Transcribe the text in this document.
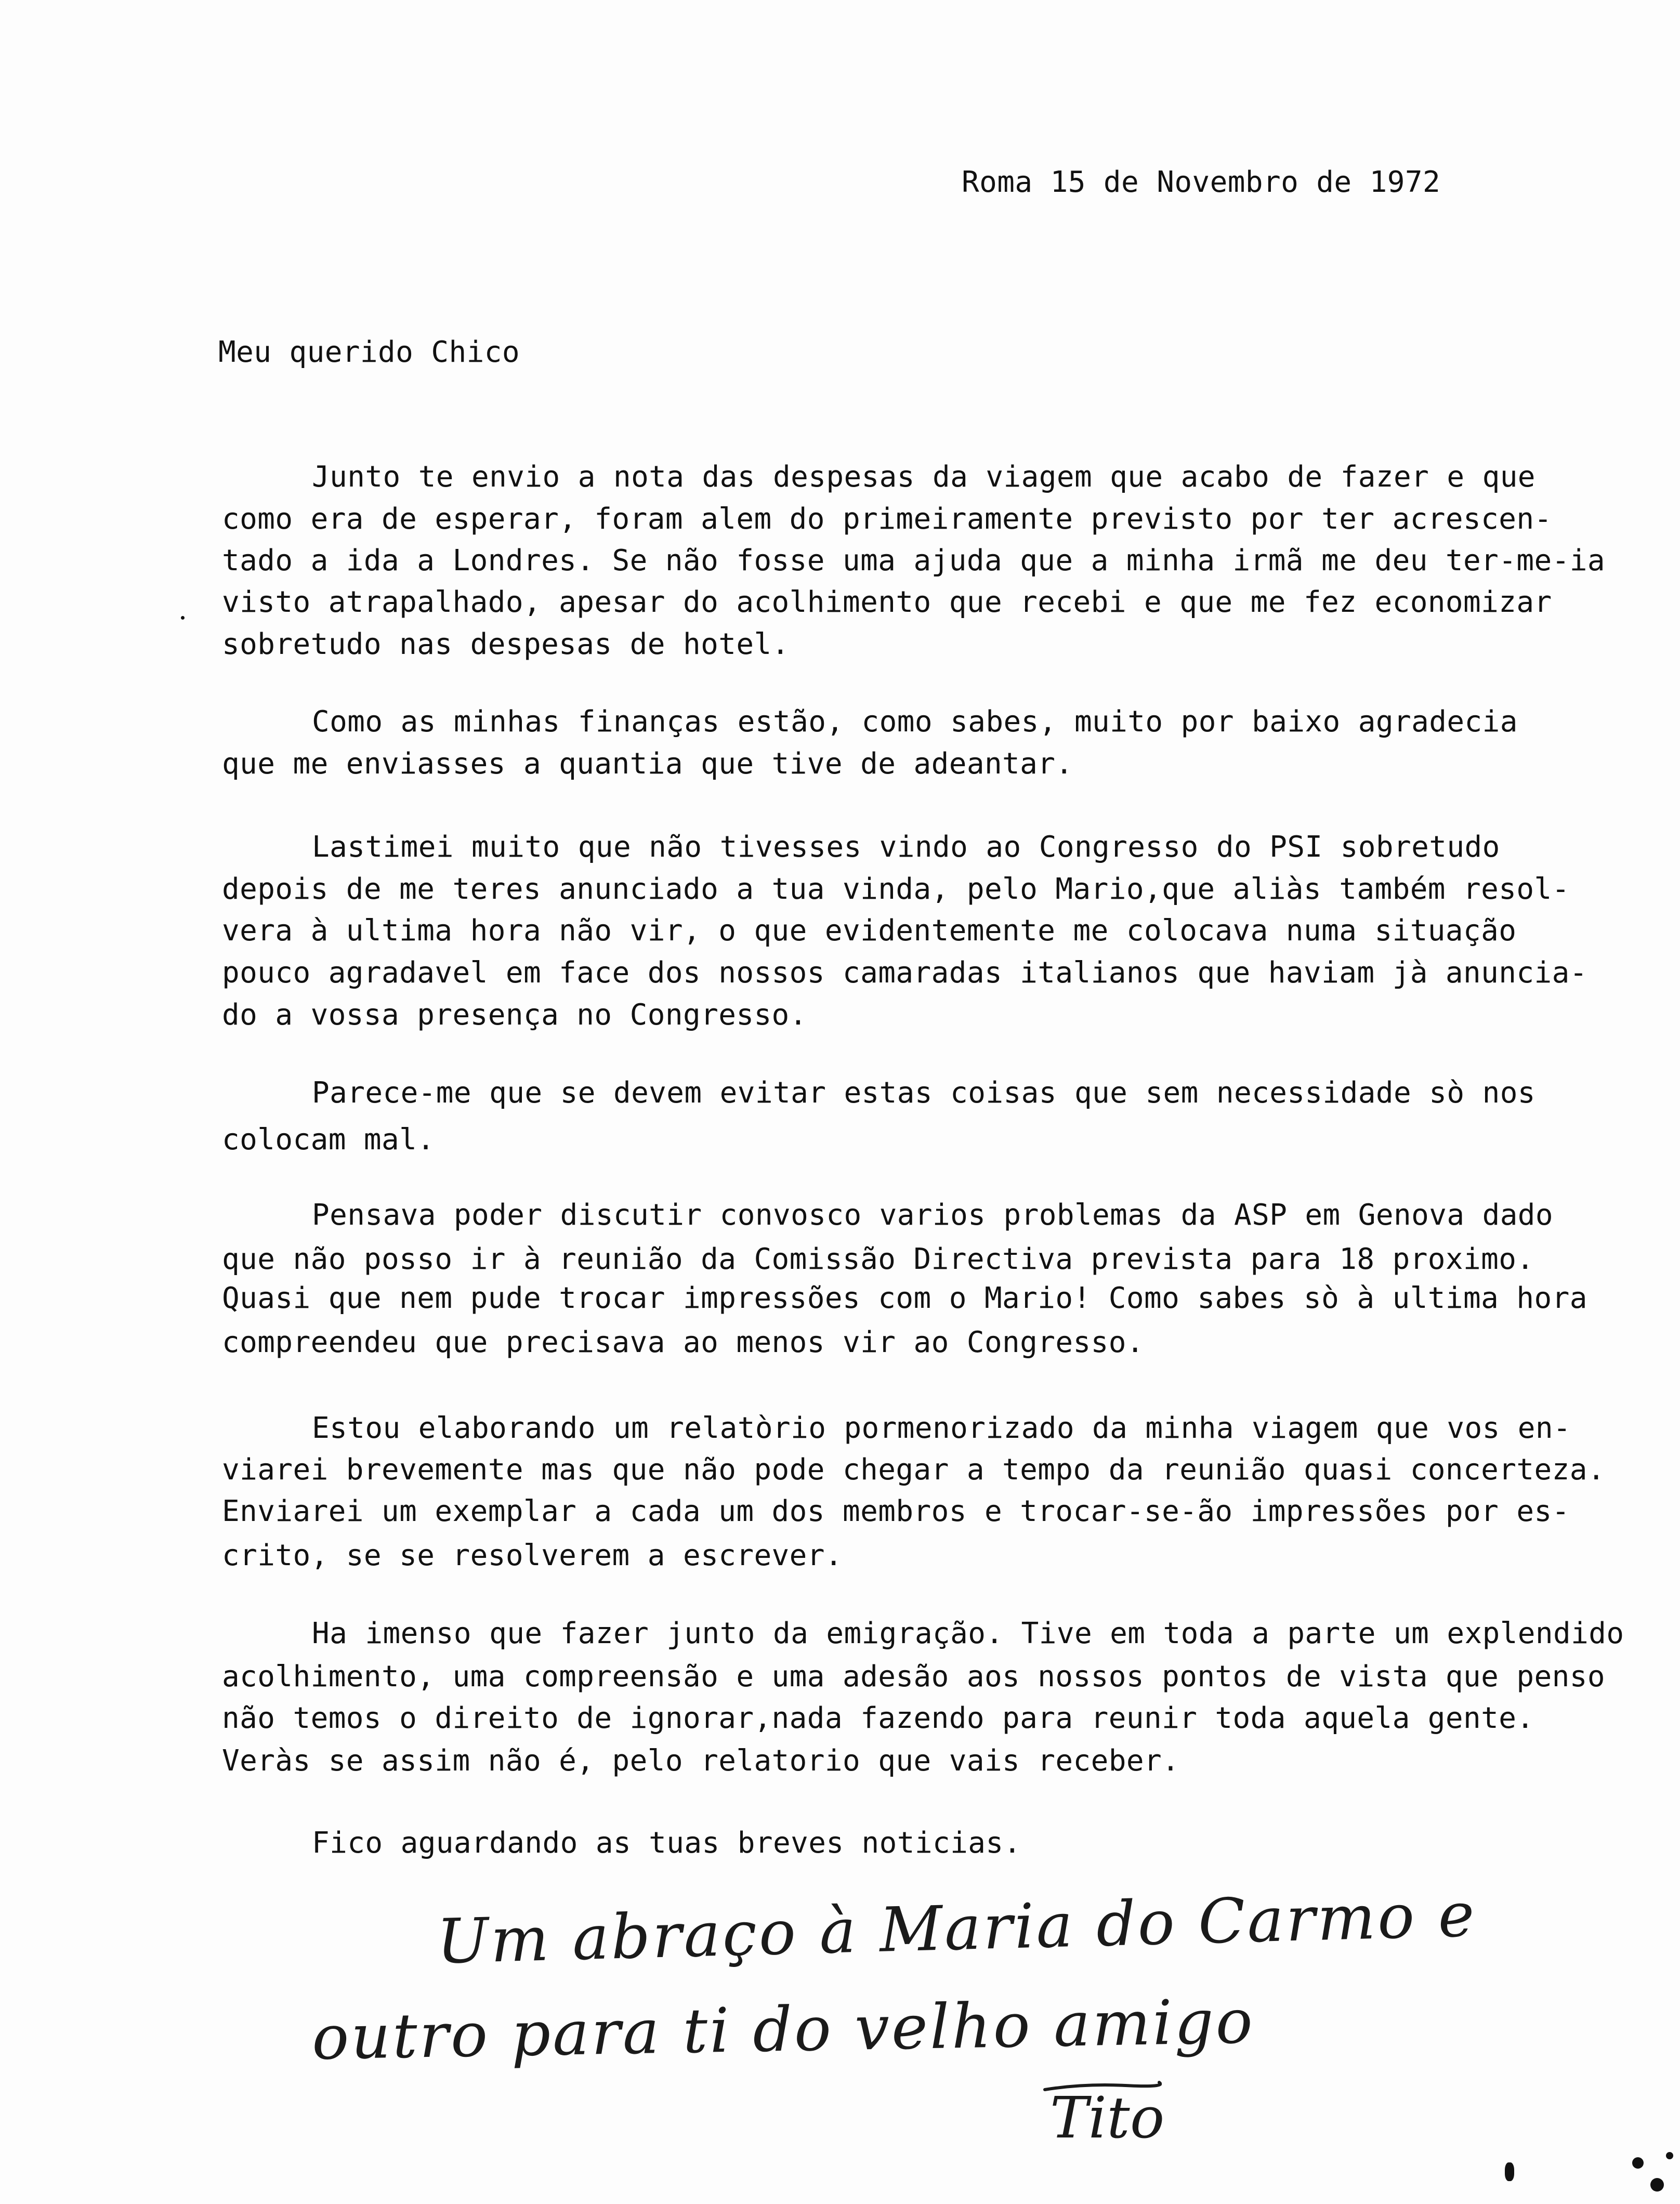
Roma 15 de Novembro de 1972
Meu querido Chico
Junto te envio a nota das despesas da viagem que acabo de fazer e que
como era de esperar, foram alem do primeiramente previsto por ter acrescen-
tado a ida a Londres. Se não fosse uma ajuda que a minha irmã me deu ter-me-ia
visto atrapalhado, apesar do acolhimento que recebi e que me fez economizar
sobretudo nas despesas de hotel.
Como as minhas finanças estão, como sabes, muito por baixo agradecia
que me enviasses a quantia que tive de adeantar.
Lastimei muito que não tivesses vindo ao Congresso do PSI sobretudo
depois de me teres anunciado a tua vinda, pelo Mario,que aliàs também resol-
vera à ultima hora não vir, o que evidentemente me colocava numa situação
pouco agradavel em face dos nossos camaradas italianos que haviam jà anuncia-
do a vossa presença no Congresso.
Parece-me que se devem evitar estas coisas que sem necessidade sò nos
colocam mal.
Pensava poder discutir convosco varios problemas da ASP em Genova dado
que não posso ir à reunião da Comissão Directiva prevista para 18 proximo.
Quasi que nem pude trocar impressões com o Mario! Como sabes sò à ultima hora
compreendeu que precisava ao menos vir ao Congresso.
Estou elaborando um relatòrio pormenorizado da minha viagem que vos en-
viarei brevemente mas que não pode chegar a tempo da reunião quasi concerteza.
Enviarei um exemplar a cada um dos membros e trocar-se-ão impressões por es-
crito, se se resolverem a escrever.
Ha imenso que fazer junto da emigração. Tive em toda a parte um explendido
acolhimento, uma compreensão e uma adesão aos nossos pontos de vista que penso
não temos o direito de ignorar,nada fazendo para reunir toda aquela gente.
Veràs se assim não é, pelo relatorio que vais receber.
Fico aguardando as tuas breves noticias.
Um abraço à Maria do Carmo e
outro para ti do velho amigo
Tito
